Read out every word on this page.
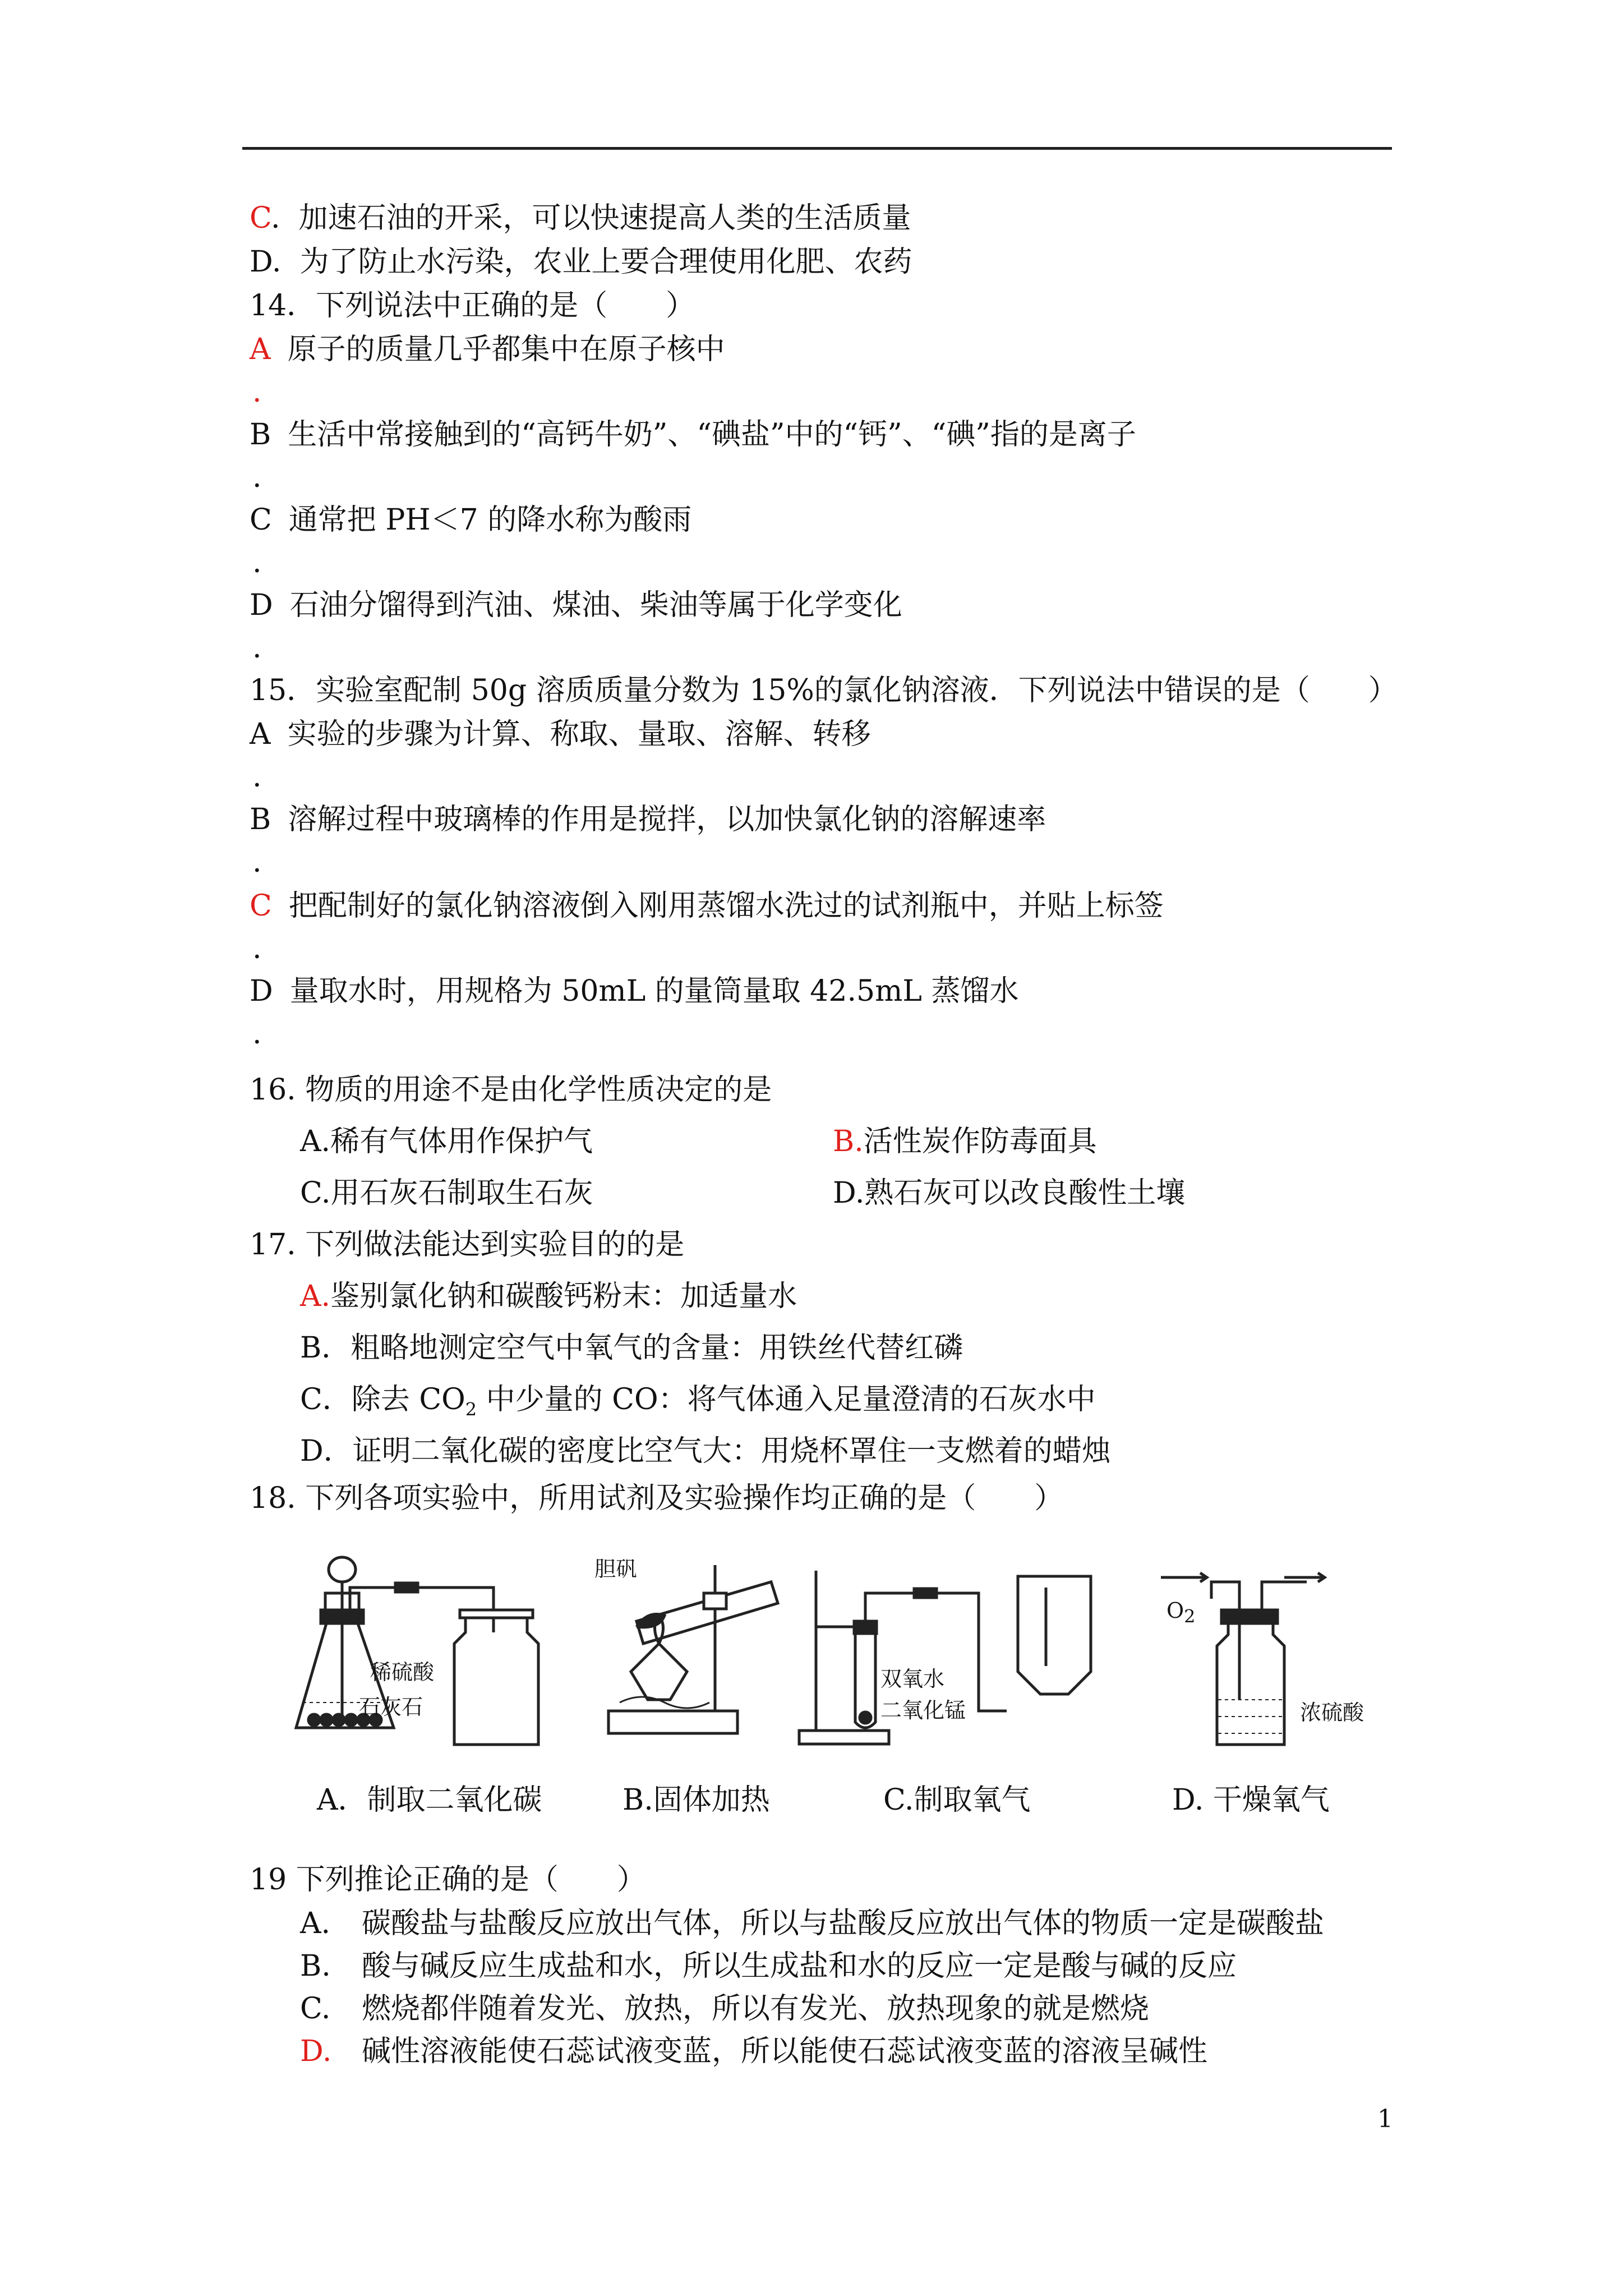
C.  加速石油的开采，可以快速提高人类的生活质量
D.  为了防止水污染，农业上要合理使用化肥、农药
14．下列说法中正确的是（　　）
A 原子的质量几乎都集中在原子核中
.
B 生活中常接触到的“高钙牛奶”、“碘盐”中的“钙”、“碘”指的是离子
.
C 通常把 PH＜7 的降水称为酸雨
.
D 石油分馏得到汽油、煤油、柴油等属于化学变化
.
15．实验室配制 50g 溶质质量分数为 15%的氯化钠溶液．下列说法中错误的是（　　）
A 实验的步骤为计算、称取、量取、溶解、转移
.
B 溶解过程中玻璃棒的作用是搅拌，以加快氯化钠的溶解速率
.
C 把配制好的氯化钠溶液倒入刚用蒸馏水洗过的试剂瓶中，并贴上标签
.
D 量取水时，用规格为 50mL 的量筒量取 42.5mL 蒸馏水
.
16. 物质的用途不是由化学性质决定的是
A.稀有气体用作保护气	B.活性炭作防毒面具
C.用石灰石制取生石灰	D.熟石灰可以改良酸性土壤
17. 下列做法能达到实验目的的是
A.鉴别氯化钠和碳酸钙粉末：加适量水
B．粗略地测定空气中氧气的含量：用铁丝代替红磷
C．除去 $CO_2$ 中少量的 CO：将气体通入足量澄清的石灰水中
D．证明二氧化碳的密度比空气大：用烧杯罩住一支燃着的蜡烛
18. 下列各项实验中，所用试剂及实验操作均正确的是（　　）
稀硫酸
石灰石
胆矾
双氧水
二氧化锰
$O_2$
浓硫酸
A．制取二氧化碳	B.固体加热	C.制取氧气	D. 干燥氧气
19 下列推论正确的是（　　）
A. 碳酸盐与盐酸反应放出气体，所以与盐酸反应放出气体的物质一定是碳酸盐
B. 酸与碱反应生成盐和水，所以生成盐和水的反应一定是酸与碱的反应
C. 燃烧都伴随着发光、放热，所以有发光、放热现象的就是燃烧
D. 碱性溶液能使石蕊试液变蓝，所以能使石蕊试液变蓝的溶液呈碱性
1
